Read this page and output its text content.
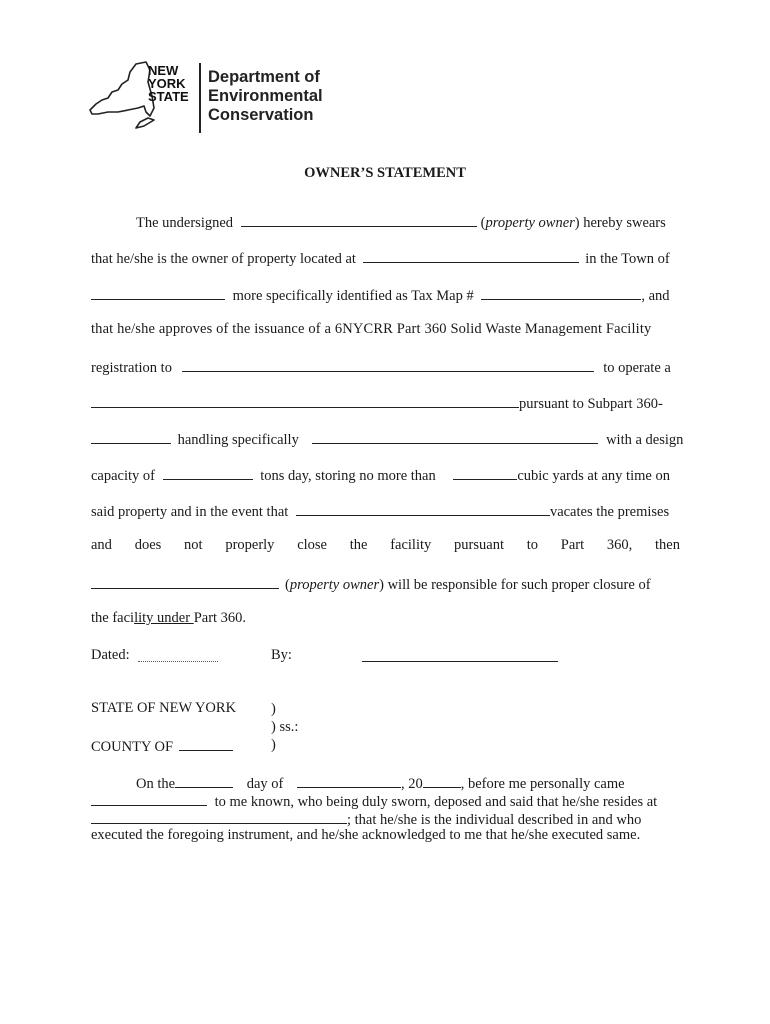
NEW
YORK
STATE
Department of
Environmental
Conservation
OWNER’S STATEMENT
The undersigned	(property owner) hereby swears
that he/she is the owner of property located at	in the Town of
more specifically identified as Tax Map #	, and
that he/she approves of the issuance of a 6NYCRR Part 360 Solid Waste Management Facility
registration to	to operate a
pursuant to Subpart 360-
handling specifically	with a design
capacity of	tons day, storing no more than	cubic yards at any time on
said property and in the event that	vacates the premises
and does not properly close the facility pursuant to Part 360, then
(property owner) will be responsible for such proper closure of
the facility under Part 360.
Dated:	By:
STATE OF NEW YORK )
) ss.:
)
COUNTY OF
On the	day of	, 20	, before me personally came
to me known, who being duly sworn, deposed and said that he/she resides at
; that he/she is the individual described in and who
executed the foregoing instrument, and he/she acknowledged to me that he/she executed same.
